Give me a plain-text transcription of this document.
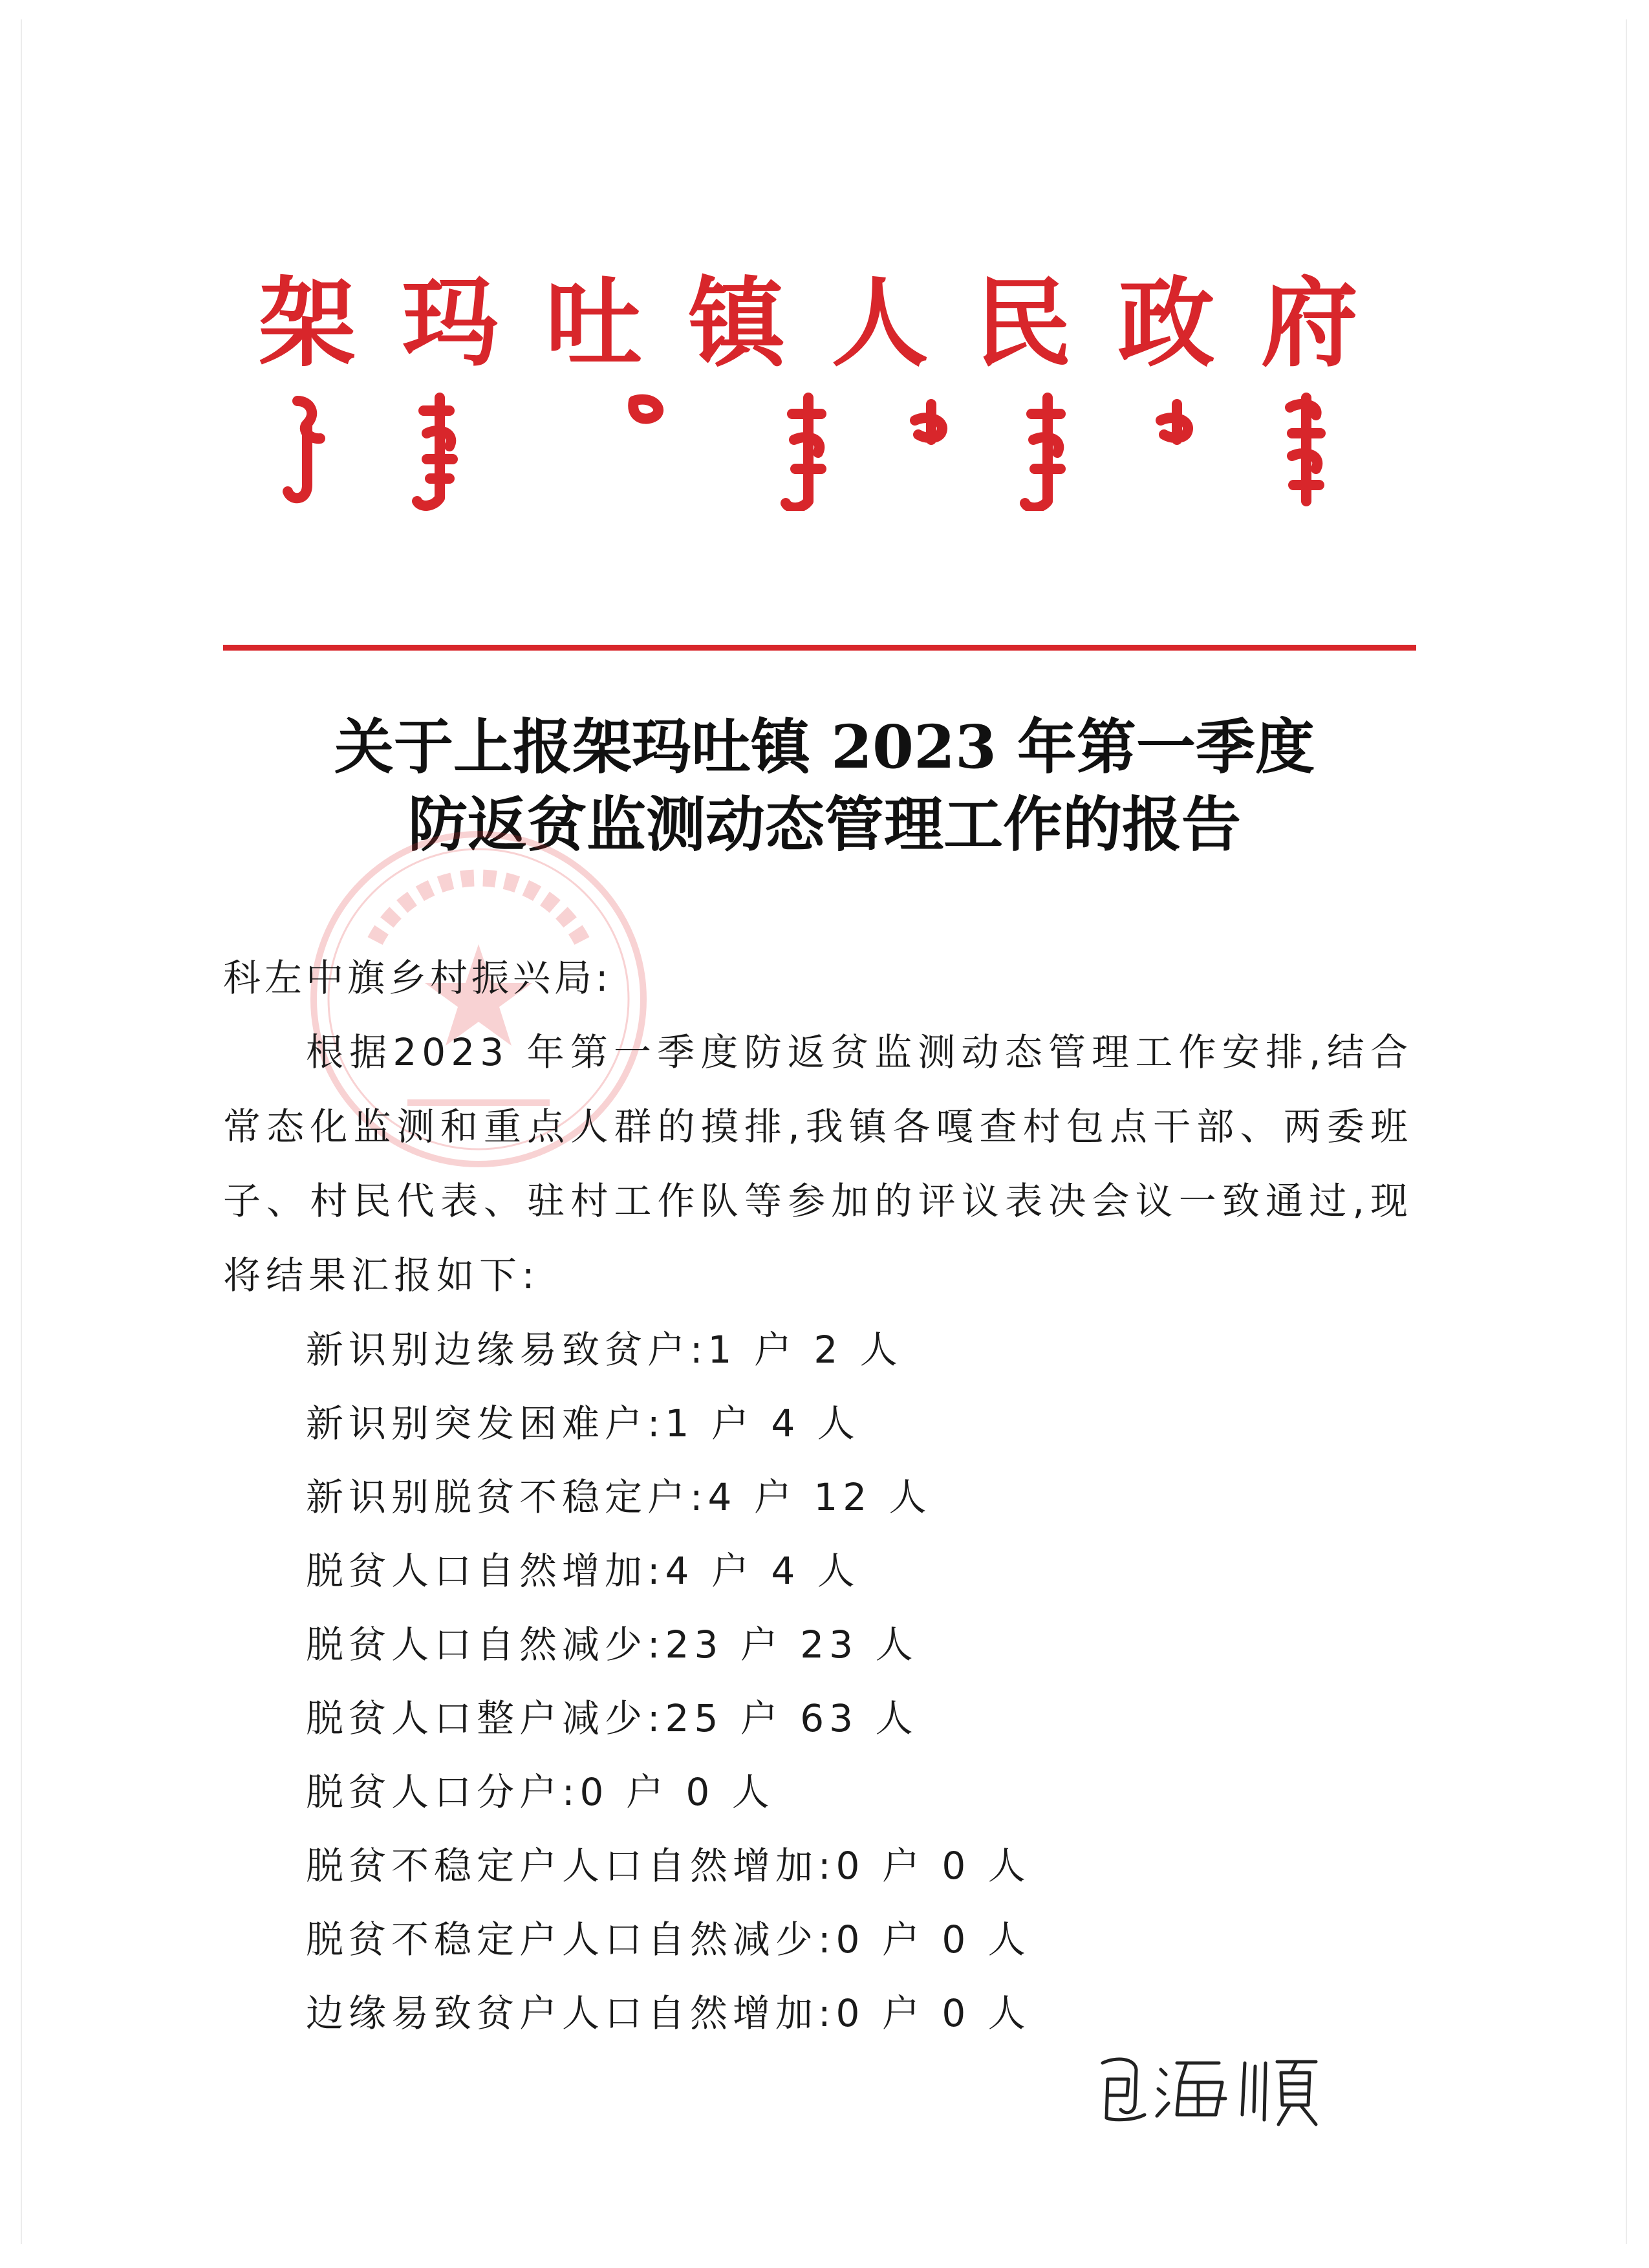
架 玛 吐 镇 人 民 政 府
关于上报架玛吐镇 2023 年第一季度
防返贫监测动态管理工作的报告
科左中旗乡村振兴局:

根据2023 年第一季度防返贫监测动态管理工作安排,结合常态化监测和重点人群的摸排,我镇各嘎查村包点干部、两委班子、村民代表、驻村工作队等参加的评议表决会议一致通过,现将结果汇报如下:

新识别边缘易致贫户:1 户 2 人
新识别突发困难户:1 户 4 人
新识别脱贫不稳定户:4 户 12 人
脱贫人口自然增加:4 户 4 人
脱贫人口自然减少:23 户 23 人
脱贫人口整户减少:25 户 63 人
脱贫人口分户:0 户 0 人
脱贫不稳定户人口自然增加:0 户 0 人
脱贫不稳定户人口自然减少:0 户 0 人
边缘易致贫户人口自然增加:0 户 0 人
